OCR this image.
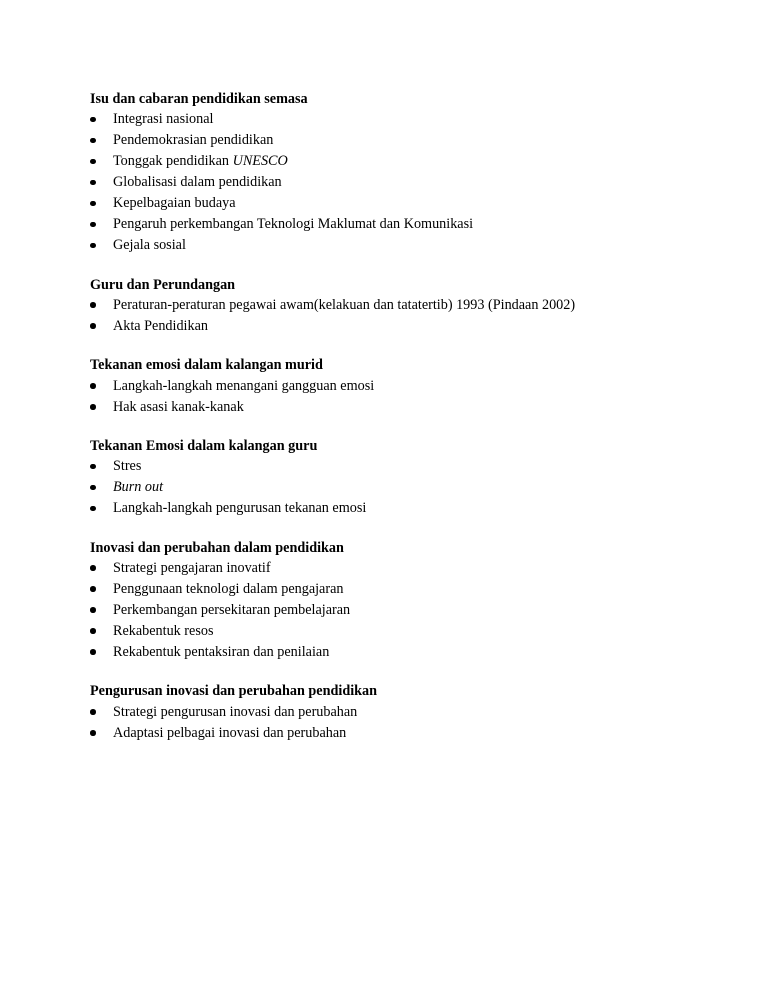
Isu dan cabaran pendidikan semasa
Integrasi nasional
Pendemokrasian pendidikan
Tonggak pendidikan UNESCO
Globalisasi dalam pendidikan
Kepelbagaian budaya
Pengaruh perkembangan Teknologi Maklumat dan Komunikasi
Gejala sosial
Guru dan Perundangan
Peraturan-peraturan pegawai awam(kelakuan dan tatatertib) 1993 (Pindaan 2002)
Akta Pendidikan
Tekanan emosi dalam kalangan murid
Langkah-langkah menangani gangguan emosi
Hak asasi kanak-kanak
Tekanan Emosi dalam kalangan guru
Stres
Burn out
Langkah-langkah pengurusan tekanan emosi
Inovasi dan perubahan dalam pendidikan
Strategi pengajaran inovatif
Penggunaan teknologi dalam pengajaran
Perkembangan persekitaran pembelajaran
Rekabentuk resos
Rekabentuk pentaksiran dan penilaian
Pengurusan inovasi dan perubahan pendidikan
Strategi pengurusan inovasi dan perubahan
Adaptasi pelbagai inovasi dan perubahan
